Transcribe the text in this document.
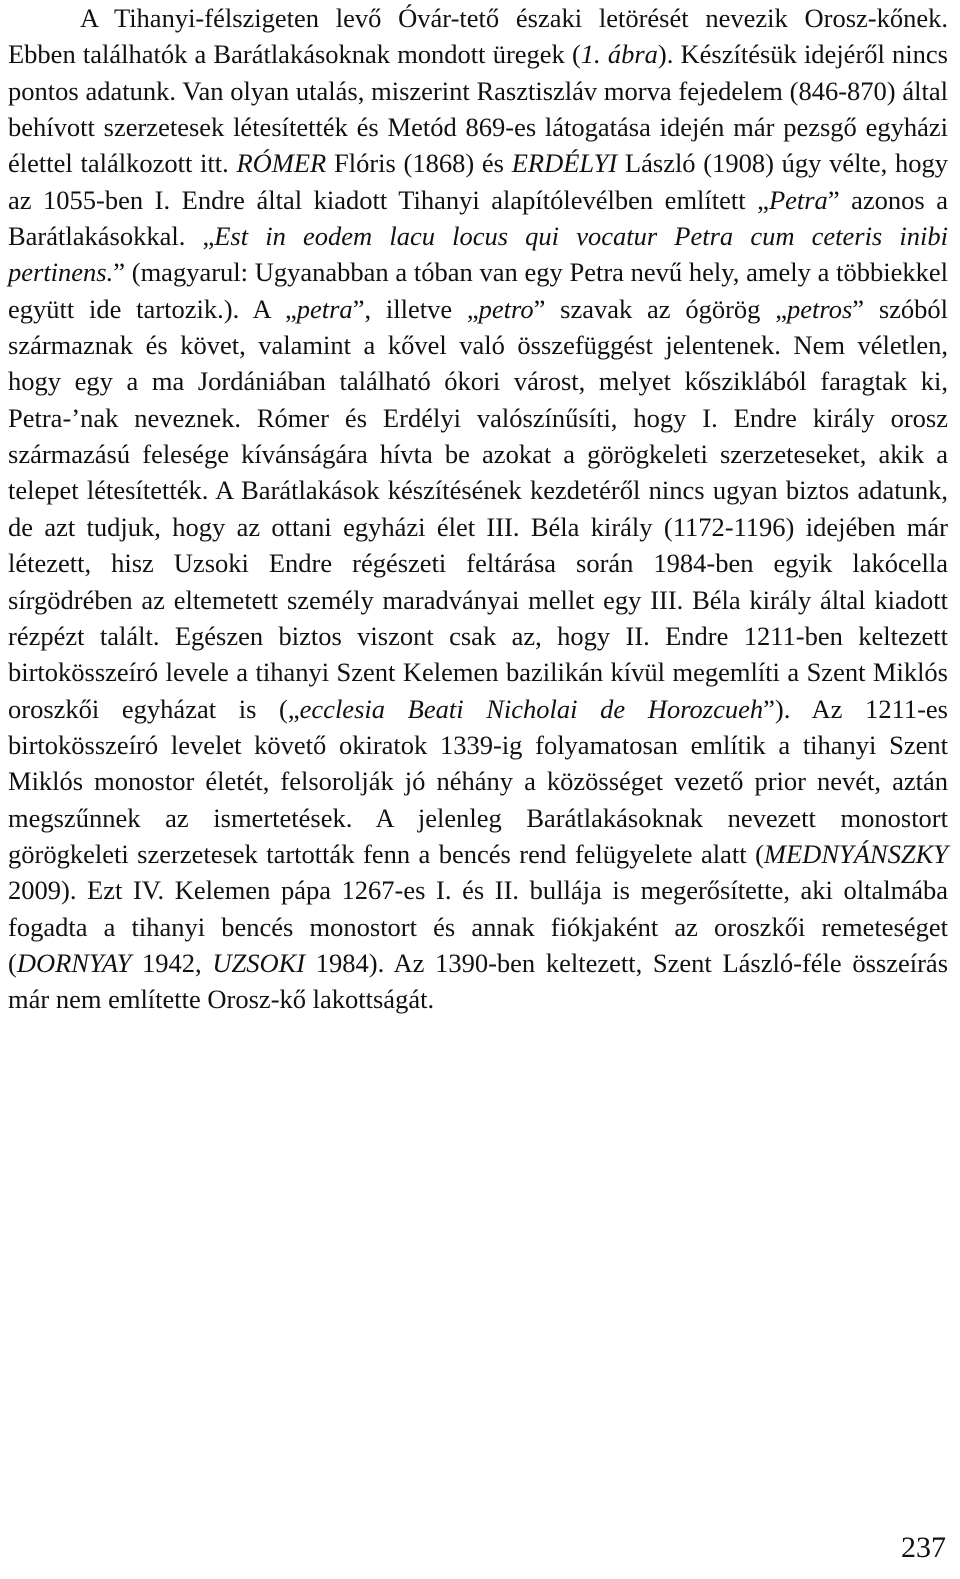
A Tihanyi-félszigeten levő Óvár-tető északi letörését nevezik Orosz-kőnek. Ebben találhatók a Barátlakásoknak mondott üregek (1. ábra). Készítésük idejéről nincs pontos adatunk. Van olyan utalás, miszerint Rasztiszláv morva fejedelem (846-870) által behívott szerzetesek létesítették és Metód 869-es látogatása idején már pezsgő egyházi élettel találkozott itt. RÓMER Flóris (1868) és ERDÉLYI László (1908) úgy vélte, hogy az 1055-ben I. Endre által kiadott Tihanyi alapítólevélben említett „Petra” azonos a Barátlakásokkal. „Est in eodem lacu locus qui vocatur Petra cum ceteris inibi pertinens.” (magyarul: Ugyanabban a tóban van egy Petra nevű hely, amely a többiekkel együtt ide tartozik.). A „petra”, illetve „petro” szavak az ógörög „petros” szóból származnak és követ, valamint a kővel való összefüggést jelentenek. Nem véletlen, hogy egy a ma Jordániában található ókori várost, melyet kősziklából faragtak ki, Petra-’nak neveznek. Rómer és Erdélyi valószínűsíti, hogy I. Endre király orosz származású felesége kívánságára hívta be azokat a görögkeleti szerzeteseket, akik a telepet létesítették. A Barátlakások készítésének kezdetéről nincs ugyan biztos adatunk, de azt tudjuk, hogy az ottani egyházi élet III. Béla király (1172-1196) idejében már létezett, hisz Uzsoki Endre régészeti feltárása során 1984-ben egyik lakócella sírgödrében az eltemetett személy maradványai mellet egy III. Béla király által kiadott rézpézt talált. Egészen biztos viszont csak az, hogy II. Endre 1211-ben keltezett birtokösszeíró levele a tihanyi Szent Kelemen bazilikán kívül megemlíti a Szent Miklós oroszkői egyházat is („ecclesia Beati Nicholai de Horozcueh”). Az 1211-es birtokösszeíró levelet követő okiratok 1339-ig folyamatosan említik a tihanyi Szent Miklós monostor életét, felsorolják jó néhány a közösséget vezető prior nevét, aztán megszűnnek az ismertetések. A jelenleg Barátlakásoknak nevezett monostort görögkeleti szerzetesek tartották fenn a bencés rend felügyelete alatt (MEDNYÁNSZKY 2009). Ezt IV. Kelemen pápa 1267-es I. és II. bullája is megerősítette, aki oltalmába fogadta a tihanyi bencés monostort és annak fiókjaként az oroszkői remeteséget (DORNYAY 1942, UZSOKI 1984). Az 1390-ben keltezett, Szent László-féle összeírás már nem említette Orosz-kő lakottságát.

237
